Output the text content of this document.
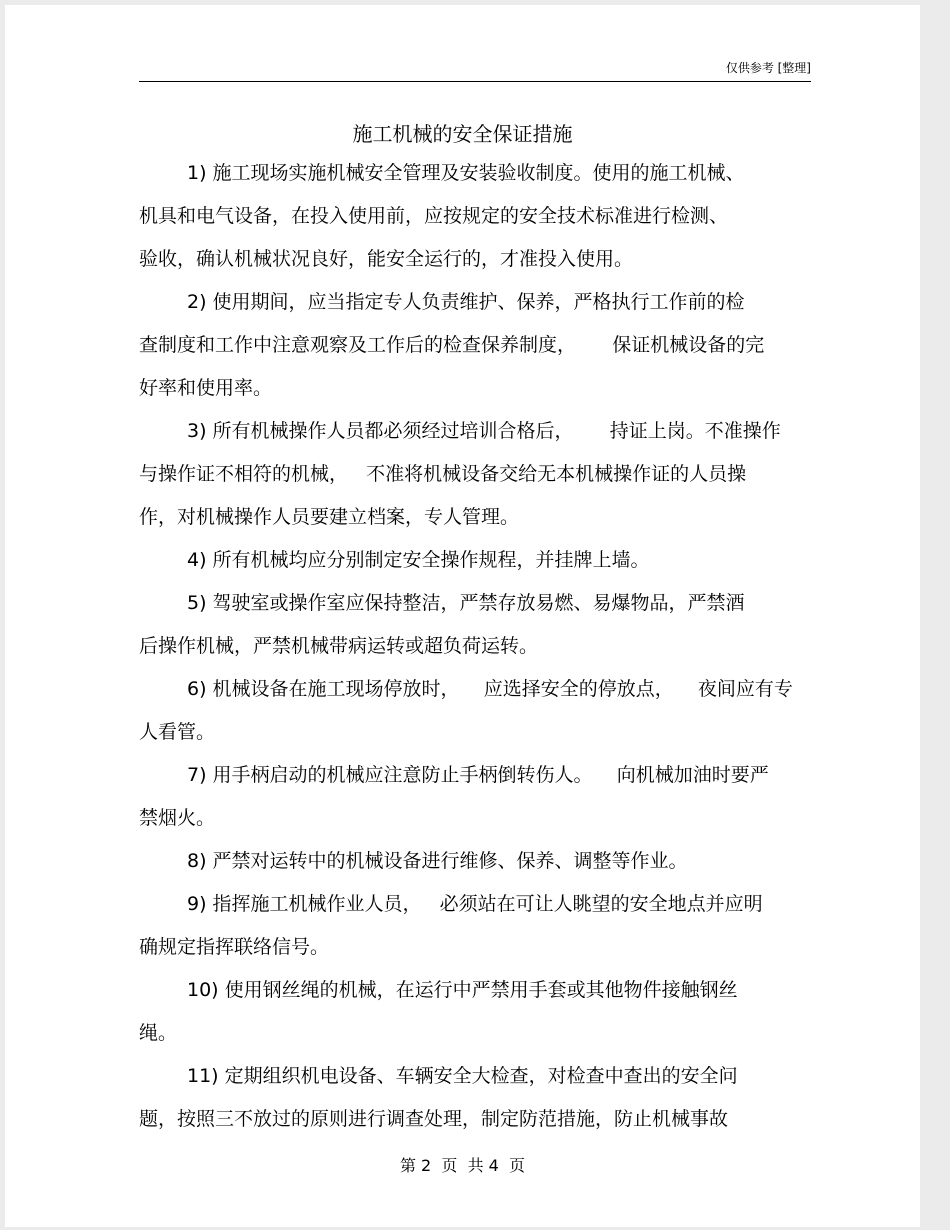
仅供参考 [整理]
施工机械的安全保证措施
1) 施工现场实施机械安全管理及安装验收制度。使用的施工机械、
机具和电气设备，在投入使用前，应按规定的安全技术标准进行检测、
验收，确认机械状况良好，能安全运行的，才准投入使用。
2) 使用期间，应当指定专人负责维护、保养，严格执行工作前的检
查制度和工作中注意观察及工作后的检查保养制度，      保证机械设备的完
好率和使用率。
3) 所有机械操作人员都必须经过培训合格后，      持证上岗。不准操作
与操作证不相符的机械，   不准将机械设备交给无本机械操作证的人员操
作，对机械操作人员要建立档案，专人管理。
4) 所有机械均应分别制定安全操作规程，并挂牌上墙。
5) 驾驶室或操作室应保持整洁，严禁存放易燃、易爆物品，严禁酒
后操作机械，严禁机械带病运转或超负荷运转。
6) 机械设备在施工现场停放时，    应选择安全的停放点，    夜间应有专
人看管。
7) 用手柄启动的机械应注意防止手柄倒转伤人。    向机械加油时要严
禁烟火。
8) 严禁对运转中的机械设备进行维修、保养、调整等作业。
9) 指挥施工机械作业人员，   必须站在可让人眺望的安全地点并应明
确规定指挥联络信号。
10) 使用钢丝绳的机械，在运行中严禁用手套或其他物件接触钢丝
绳。
11) 定期组织机电设备、车辆安全大检查，对检查中查出的安全问
题，按照三不放过的原则进行调查处理，制定防范措施，防止机械事故
第 2  页  共 4  页
